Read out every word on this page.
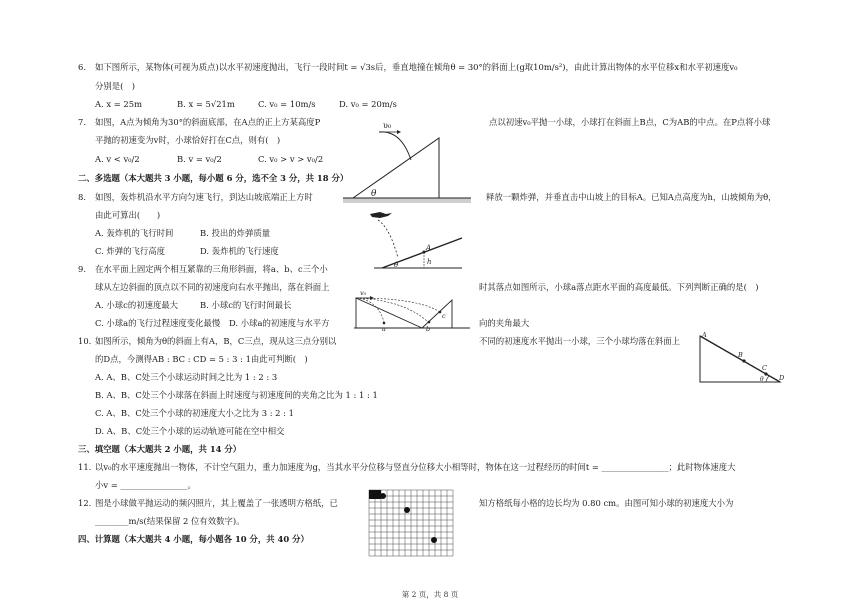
6. 如下图所示，某物体(可视为质点)以水平初速度抛出，飞行一段时间t = √3s后，垂直地撞在倾角θ = 30°的斜面上(g取10m/s²)，由此计算出物体的水平位移x和水平初速度v₀
分别是(　)
A. x = 25m	B. x = 5√21m	C. v₀ = 10m/s	D. v₀ = 20m/s
7. 如图，A点为倾角为30°的斜面底部，在A点的正上方某高度P	点以初速v₀平抛一小球，小球打在斜面上B点，C为AB的中点。在P点将小球
平抛的初速变为v时，小球恰好打在C点，则有(　)
A. v < v₀/2	B. v = v₀/2	C. v₀ > v > v₀/2
υ₀
θ
二、多选题（本大题共 3 小题，每小题 6 分，选不全 3 分，共 18 分）
8. 如图，轰炸机沿水平方向匀速飞行，到达山坡底端正上方时	释放一颗炸弹，并垂直击中山坡上的目标A。已知A点高度为h，山坡倾角为θ，
由此可算出(　　)
A. 轰炸机的飞行时间	B. 投出的炸弹质量
C. 炸弹的飞行高度	D. 轰炸机的飞行速度	A
h
θ
9. 在水平面上固定两个相互紧靠的三角形斜面，将a、b、c三个小
球从左边斜面的顶点以不同的初速度向右水平抛出，落在斜面上	时其落点如图所示，小球a落点距水平面的高度最低。下列判断正确的是(　)
A. 小球c的初速度最大	B. 小球c的飞行时间最长
C. 小球a的飞行过程速度变化最慢 D. 小球a的初速度与水平方	向的夹角最大
v₀
a	b
c
10. 如图所示，倾角为θ的斜面上有A，B，C三点，现从这三点分别以	不同的初速度水平抛出一小球，三个小球均落在斜面上
的D点，今测得AB : BC : CD = 5 : 3 : 1由此可判断(　)
A. A、B、C处三个小球运动时间之比为 1 : 2 : 3
B. A、B、C处三个小球落在斜面上时速度与初速度间的夹角之比为 1 : 1 : 1
C. A、B、C处三个小球的初速度大小之比为 3 : 2 : 1
D. A、B、C处三个小球的运动轨迹可能在空中相交
A
B
C
θ D
三、填空题（本大题共 2 小题，共 14 分）
11. 以v₀的水平速度抛出一物体，不计空气阻力，重力加速度为g，当其水平分位移与竖直分位移大小相等时，物体在这一过程经历的时间t = ________________；此时物体速度大
小v = ________________。
12. 图是小球做平抛运动的频闪照片，其上覆盖了一张透明方格纸，已	知方格纸每小格的边长均为 0.80 cm。由图可知小球的初速度大小为
________m/s(结果保留 2 位有效数字)。
四、计算题（本大题共 4 小题，每小题各 10 分，共 40 分）
第 2 页，共 8 页
